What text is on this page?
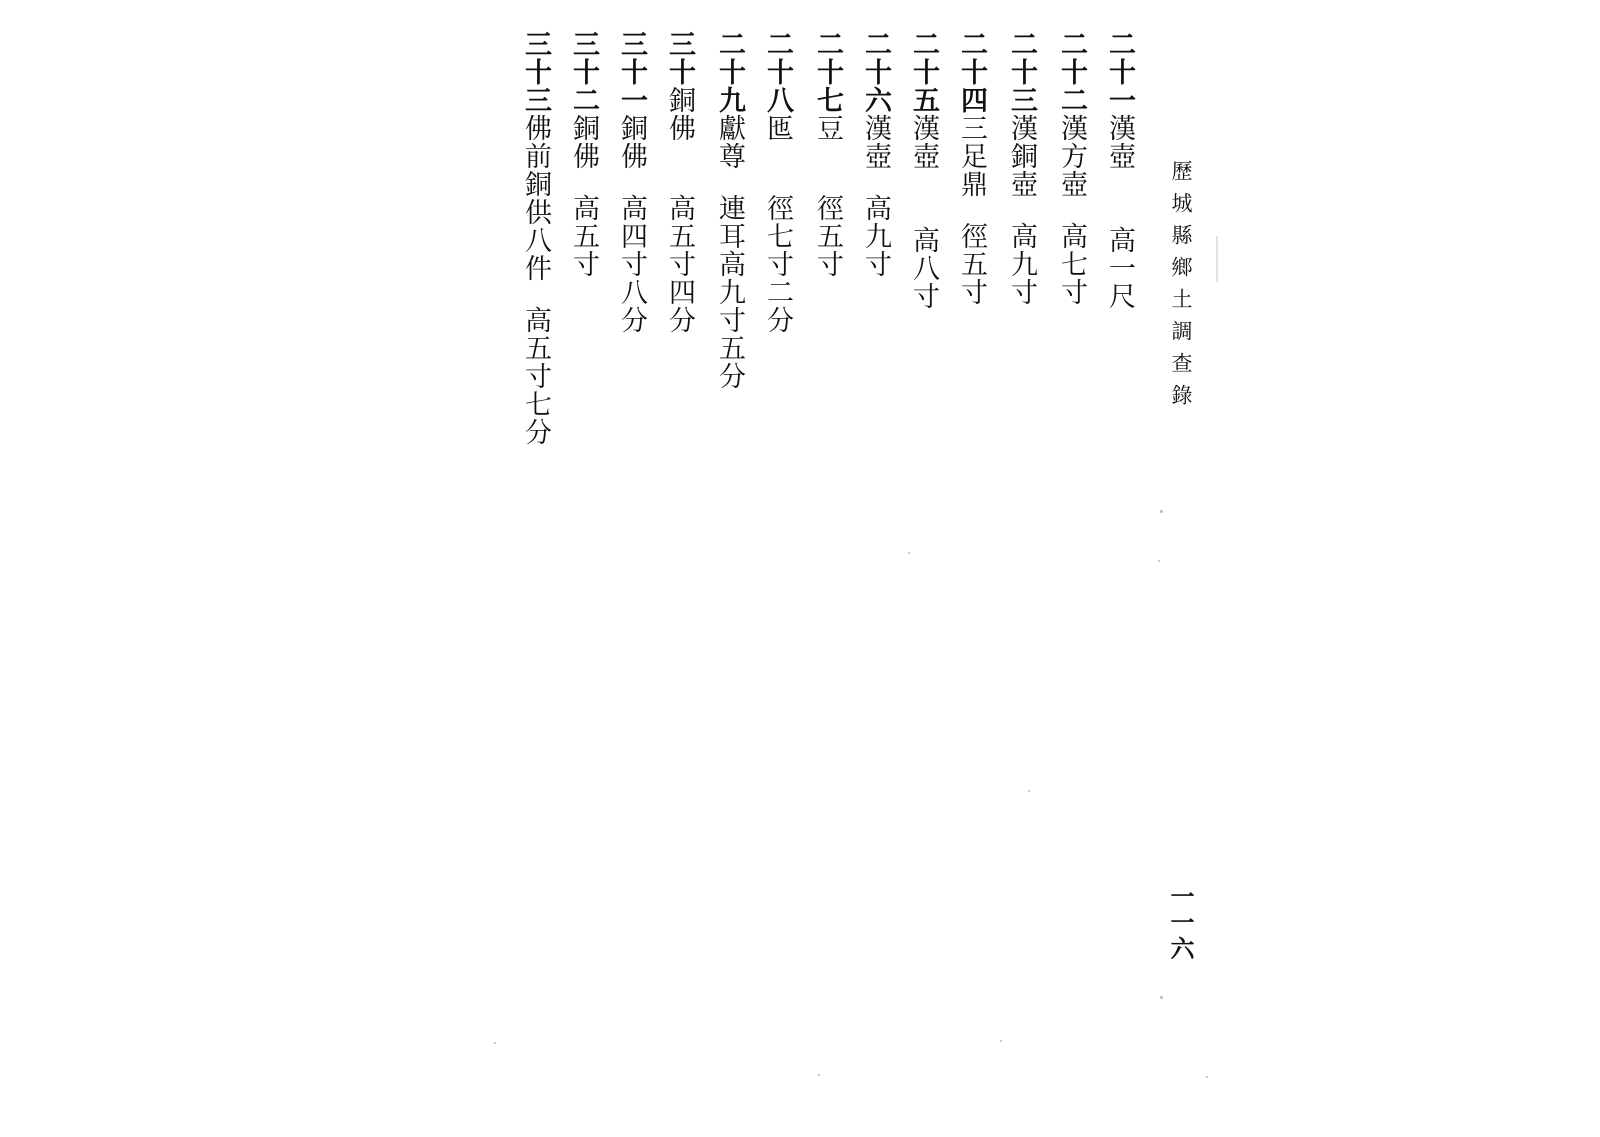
歷城縣鄉土調查錄
二十一漢壺高一尺
二十二漢方壺高七寸
二十三漢銅壺高九寸
二十四三足鼎徑五寸
二十五漢壺高八寸
二十六漢壺高九寸
二十七豆徑五寸
二十八匜徑七寸二分
二十九獻尊連耳高九寸五分
三十銅佛高五寸四分
三十一銅佛高四寸八分
三十二銅佛高五寸
三十三佛前銅供八件高五寸七分
一一六
